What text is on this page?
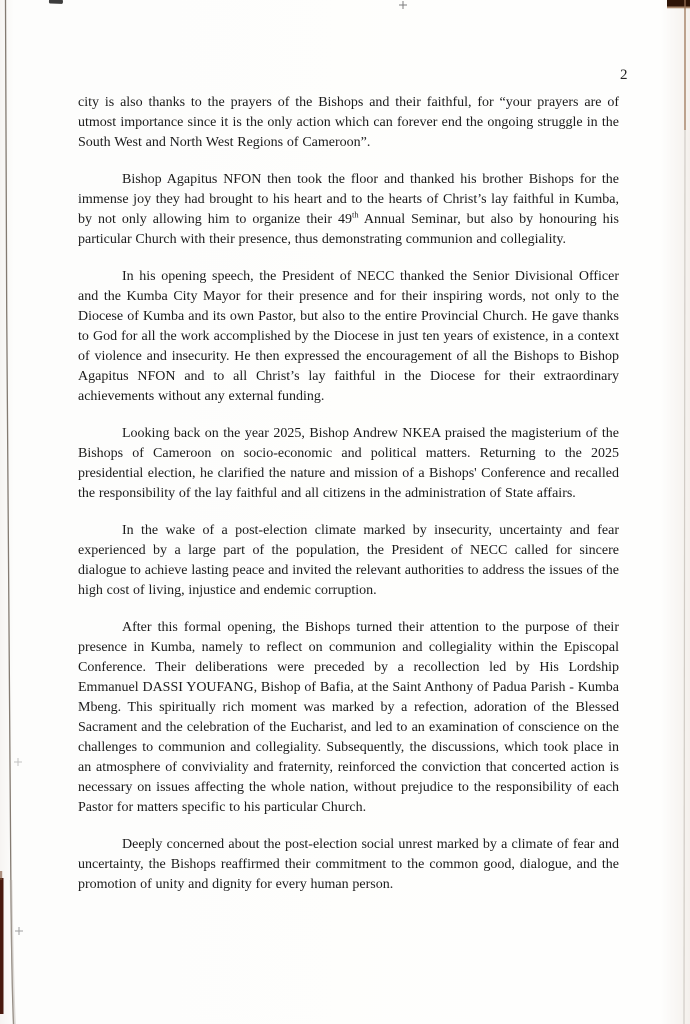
2

city is also thanks to the prayers of the Bishops and their faithful, for “your prayers are of utmost importance since it is the only action which can forever end the ongoing struggle in the South West and North West Regions of Cameroon”.

Bishop Agapitus NFON then took the floor and thanked his brother Bishops for the immense joy they had brought to his heart and to the hearts of Christ’s lay faithful in Kumba, by not only allowing him to organize their 49th Annual Seminar, but also by honouring his particular Church with their presence, thus demonstrating communion and collegiality.

In his opening speech, the President of NECC thanked the Senior Divisional Officer and the Kumba City Mayor for their presence and for their inspiring words, not only to the Diocese of Kumba and its own Pastor, but also to the entire Provincial Church. He gave thanks to God for all the work accomplished by the Diocese in just ten years of existence, in a context of violence and insecurity. He then expressed the encouragement of all the Bishops to Bishop Agapitus NFON and to all Christ’s lay faithful in the Diocese for their extraordinary achievements without any external funding.

Looking back on the year 2025, Bishop Andrew NKEA praised the magisterium of the Bishops of Cameroon on socio-economic and political matters. Returning to the 2025 presidential election, he clarified the nature and mission of a Bishops' Conference and recalled the responsibility of the lay faithful and all citizens in the administration of State affairs.

In the wake of a post-election climate marked by insecurity, uncertainty and fear experienced by a large part of the population, the President of NECC called for sincere dialogue to achieve lasting peace and invited the relevant authorities to address the issues of the high cost of living, injustice and endemic corruption.

After this formal opening, the Bishops turned their attention to the purpose of their presence in Kumba, namely to reflect on communion and collegiality within the Episcopal Conference. Their deliberations were preceded by a recollection led by His Lordship Emmanuel DASSI YOUFANG, Bishop of Bafia, at the Saint Anthony of Padua Parish - Kumba Mbeng. This spiritually rich moment was marked by a refection, adoration of the Blessed Sacrament and the celebration of the Eucharist, and led to an examination of conscience on the challenges to communion and collegiality. Subsequently, the discussions, which took place in an atmosphere of conviviality and fraternity, reinforced the conviction that concerted action is necessary on issues affecting the whole nation, without prejudice to the responsibility of each Pastor for matters specific to his particular Church.

Deeply concerned about the post-election social unrest marked by a climate of fear and uncertainty, the Bishops reaffirmed their commitment to the common good, dialogue, and the promotion of unity and dignity for every human person.
